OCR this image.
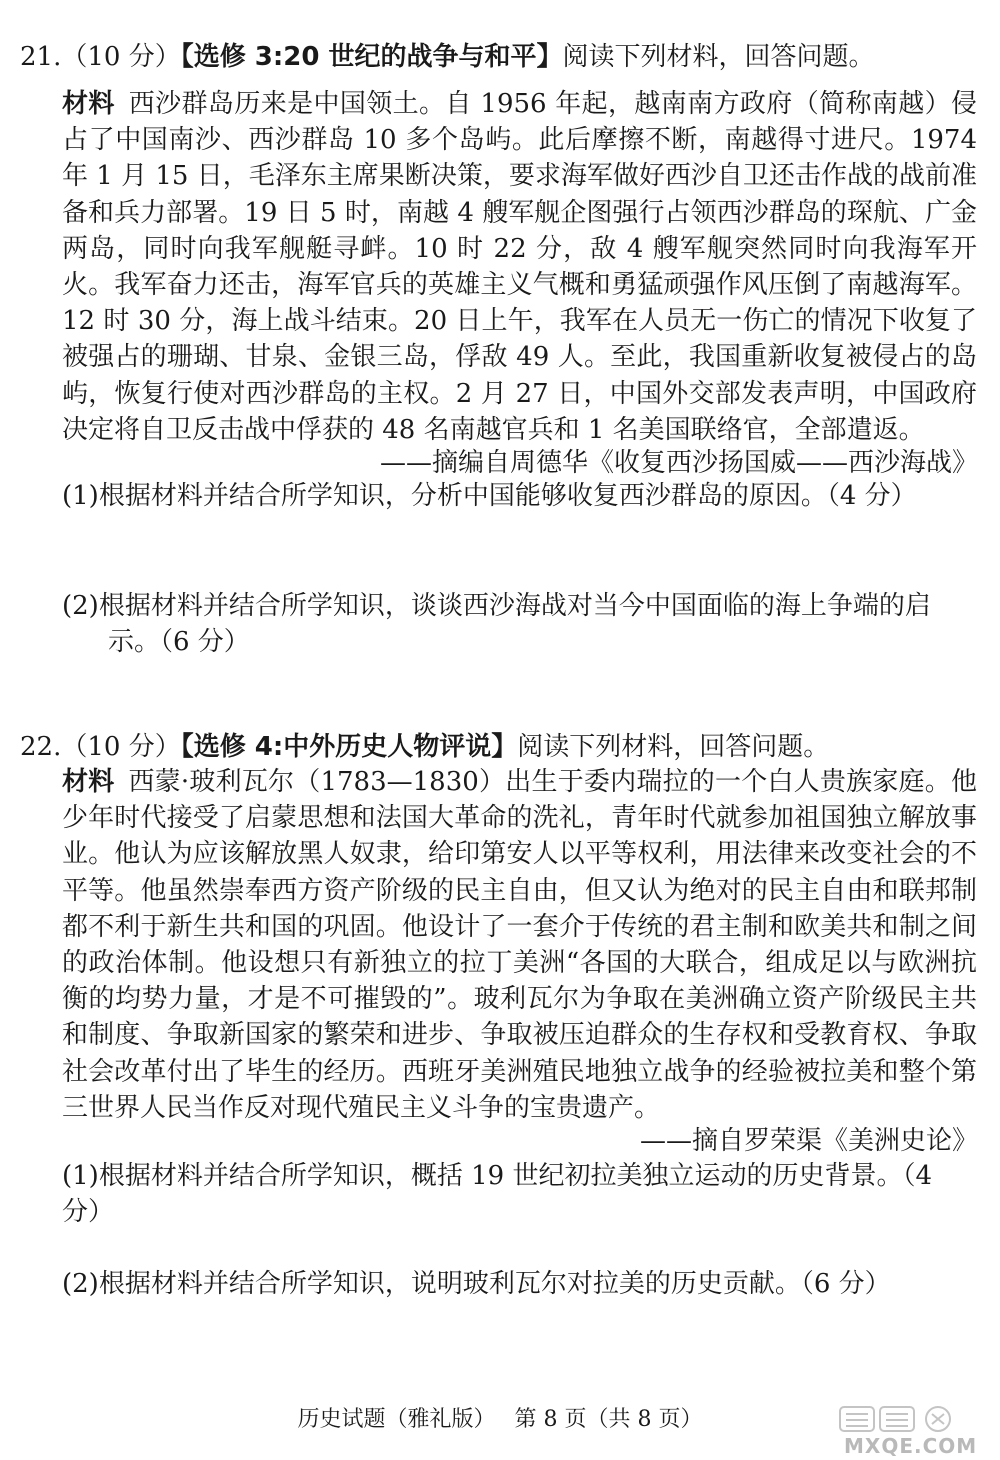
21.（10 分）【选修 3:20 世纪的战争与和平】阅读下列材料，回答问题。
材料 西沙群岛历来是中国领土。自 1956 年起，越南南方政府（简称南越）侵占了中国南沙、西沙群岛 10 多个岛屿。此后摩擦不断，南越得寸进尺。1974 年 1 月 15 日，毛泽东主席果断决策，要求海军做好西沙自卫还击作战的战前准备和兵力部署。19 日 5 时，南越 4 艘军舰企图强行占领西沙群岛的琛航、广金两岛，同时向我军舰艇寻衅。10 时 22 分，敌 4 艘军舰突然同时向我海军开火。我军奋力还击，海军官兵的英雄主义气概和勇猛顽强作风压倒了南越海军。12 时 30 分，海上战斗结束。20 日上午，我军在人员无一伤亡的情况下收复了被强占的珊瑚、甘泉、金银三岛，俘敌 49 人。至此，我国重新收复被侵占的岛屿，恢复行使对西沙群岛的主权。2 月 27 日，中国外交部发表声明，中国政府决定将自卫反击战中俘获的 48 名南越官兵和 1 名美国联络官，全部遣返。
——摘编自周德华《收复西沙扬国威——西沙海战》
(1)根据材料并结合所学知识，分析中国能够收复西沙群岛的原因。（4 分）
(2)根据材料并结合所学知识，谈谈西沙海战对当今中国面临的海上争端的启
示。（6 分）
22.（10 分）【选修 4:中外历史人物评说】阅读下列材料，回答问题。
材料 西蒙·玻利瓦尔（1783—1830）出生于委内瑞拉的一个白人贵族家庭。他少年时代接受了启蒙思想和法国大革命的洗礼，青年时代就参加祖国独立解放事业。他认为应该解放黑人奴隶，给印第安人以平等权利，用法律来改变社会的不平等。他虽然崇奉西方资产阶级的民主自由，但又认为绝对的民主自由和联邦制都不利于新生共和国的巩固。他设计了一套介于传统的君主制和欧美共和制之间的政治体制。他设想只有新独立的拉丁美洲“各国的大联合，组成足以与欧洲抗衡的均势力量，才是不可摧毁的”。玻利瓦尔为争取在美洲确立资产阶级民主共和制度、争取新国家的繁荣和进步、争取被压迫群众的生存权和受教育权、争取社会改革付出了毕生的经历。西班牙美洲殖民地独立战争的经验被拉美和整个第三世界人民当作反对现代殖民主义斗争的宝贵遗产。
——摘自罗荣渠《美洲史论》
(1)根据材料并结合所学知识，概括 19 世纪初拉美独立运动的历史背景。（4 分）
(2)根据材料并结合所学知识，说明玻利瓦尔对拉美的历史贡献。（6 分）
历史试题（雅礼版） 第 8 页（共 8 页）
MXQE.COM
